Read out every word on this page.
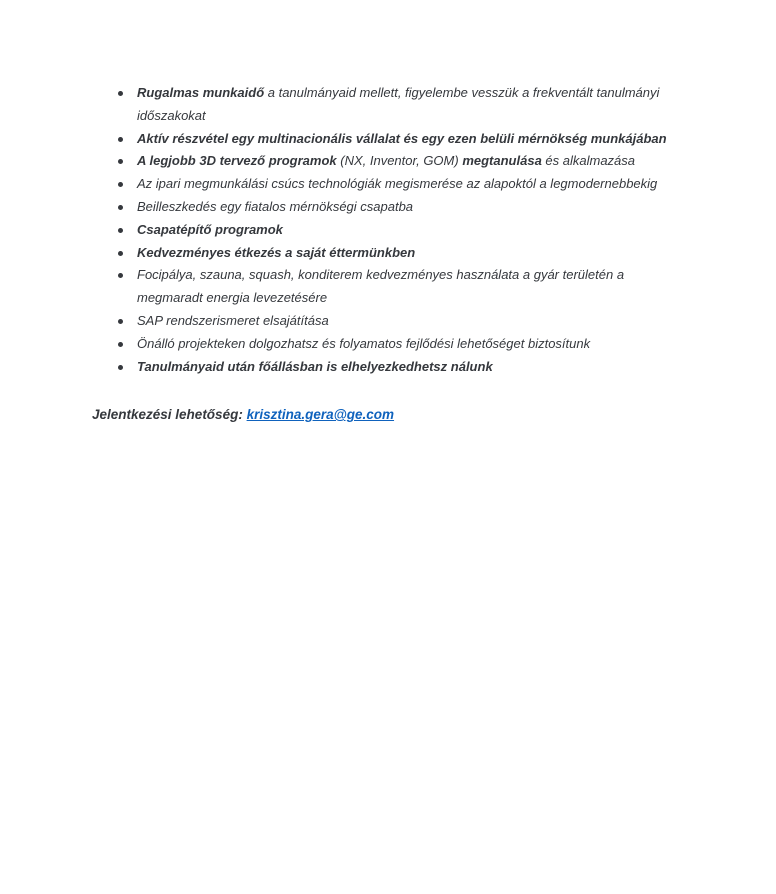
Rugalmas munkaidő a tanulmányaid mellett, figyelembe vesszük a frekventált tanulmányi
időszakokat
Aktív részvétel egy multinacionális vállalat és egy ezen belüli mérnökség munkájában
A legjobb 3D tervező programok (NX, Inventor, GOM) megtanulása és alkalmazása
Az ipari megmunkálási csúcs technológiák megismerése az alapoktól a legmodernebbekig
Beilleszkedés egy fiatalos mérnökségi csapatba
Csapatépítő programok
Kedvezményes étkezés a saját éttermünkben
Focipálya, szauna, squash, konditerem kedvezményes használata a gyár területén a
megmaradt energia levezetésére
SAP rendszerismeret elsajátítása
Önálló projekteken dolgozhatsz és folyamatos fejlődési lehetőséget biztosítunk
Tanulmányaid után főállásban is elhelyezkedhetsz nálunk

Jelentkezési lehetőség: krisztina.gera@ge.com
